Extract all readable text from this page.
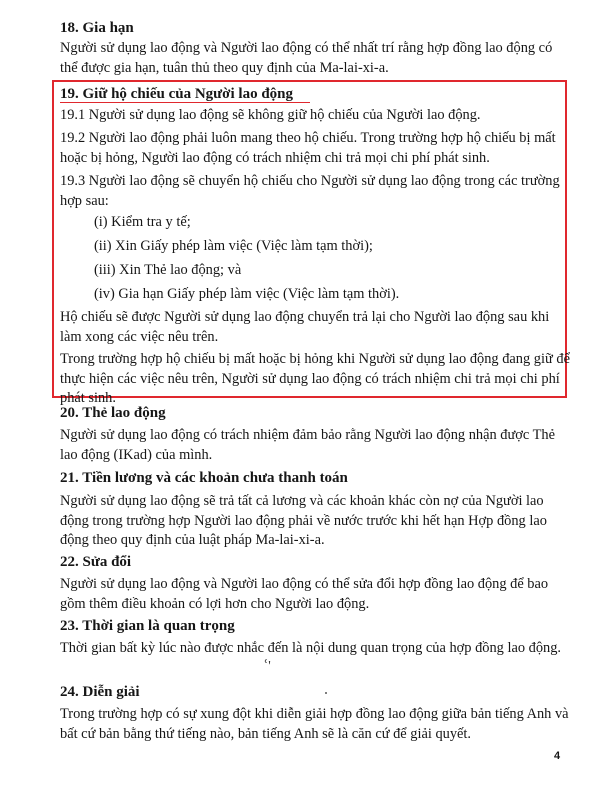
18. Gia hạn
Người sử dụng lao động và Người lao động có thể nhất trí rằng hợp đồng lao động có thể được gia hạn, tuân thủ theo quy định của Ma-lai-xi-a.
19. Giữ hộ chiếu của Người lao động
19.1 Người sử dụng lao động sẽ không giữ hộ chiếu của Người lao động.
19.2 Người lao động phải luôn mang theo hộ chiếu. Trong trường hợp hộ chiếu bị mất hoặc bị hỏng, Người lao động có trách nhiệm chi trả mọi chi phí phát sinh.
19.3 Người lao động sẽ chuyển hộ chiếu cho Người sử dụng lao động trong các trường hợp sau:
(i) Kiểm tra y tế;
(ii) Xin Giấy phép làm việc (Việc làm tạm thời);
(iii) Xin Thẻ lao động; và
(iv) Gia hạn Giấy phép làm việc (Việc làm tạm thời).
Hộ chiếu sẽ được Người sử dụng lao động chuyển trả lại cho Người lao động sau khi làm xong các việc nêu trên.
Trong trường hợp hộ chiếu bị mất hoặc bị hỏng khi Người sử dụng lao động đang giữ để thực hiện các việc nêu trên, Người sử dụng lao động có trách nhiệm chi trả mọi chi phí phát sinh.
20. Thẻ lao động
Người sử dụng lao động có trách nhiệm đảm bảo rằng Người lao động nhận được Thẻ lao động (IKad) của mình.
21. Tiền lương và các khoản chưa thanh toán
Người sử dụng lao động sẽ trả tất cả lương và các khoản khác còn nợ của Người lao động trong trường hợp Người lao động phải về nước trước khi hết hạn Hợp đồng lao động theo quy định của luật pháp Ma-lai-xi-a.
22. Sửa đổi
Người sử dụng lao động và Người lao động có thể sửa đổi hợp đồng lao động để bao gồm thêm điều khoản có lợi hơn cho Người lao động.
23. Thời gian là quan trọng
Thời gian bất kỳ lúc nào được nhắc đến là nội dung quan trọng của hợp đồng lao động.
ՙ'
24. Diễn giải
Trong trường hợp có sự xung đột khi diễn giải hợp đồng lao động giữa bản tiếng Anh và bất cứ bản bằng thứ tiếng nào, bản tiếng Anh sẽ là căn cứ để giải quyết.
4
